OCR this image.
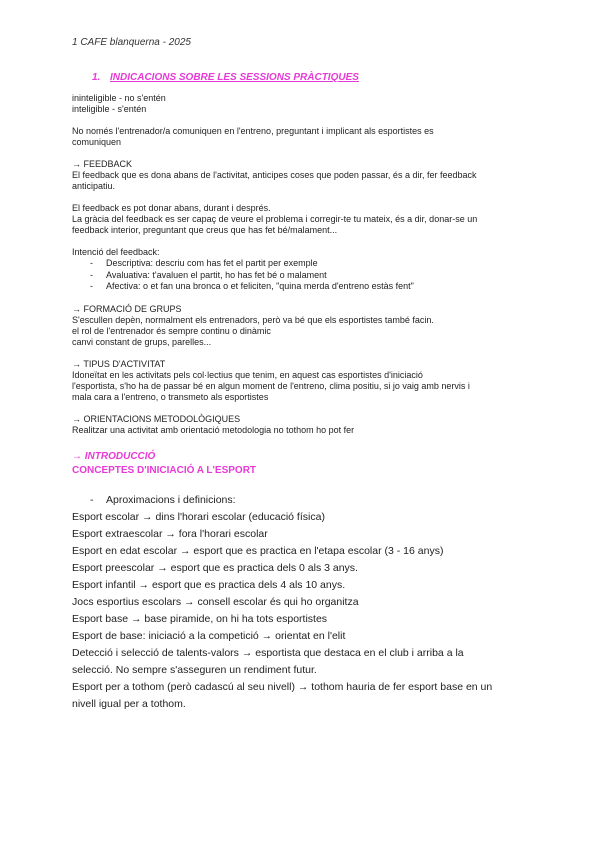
1 CAFE blanquerna - 2025
1. INDICACIONS SOBRE LES SESSIONS PRÀCTIQUES

ininteligible - no s'entén

inteligible - s'entén

No només l'entrenador/a comuniquen en l'entreno, preguntant i implicant als esportistes es

comuniquen

→ FEEDBACK

El feedback que es dona abans de l'activitat, anticipes coses que poden passar, és a dir, fer feedback

anticipatiu.

El feedback es pot donar abans, durant i després.

La gràcia del feedback es ser capaç de veure el problema i corregir-te tu mateix, és a dir, donar-se un

feedback interior, preguntant que creus que has fet bé/malament...

Intenció del feedback:

- Descriptiva: descriu com has fet el partit per exemple
- Avaluativa: t'avaluen el partit, ho has fet bé o malament
- Afectiva: o et fan una bronca o et feliciten, "quina merda d'entreno estàs fent"

→ FORMACIÓ DE GRUPS

S'escullen depèn, normalment els entrenadors, però va bé que els esportistes també facin.

el rol de l'entrenador és sempre continu o dinàmic

canvi constant de grups, parelles...

→ TIPUS D'ACTIVITAT

Idoneïtat en les activitats pels col·lectius que tenim, en aquest cas esportistes d'iniciació

l'esportista, s'ho ha de passar bé en algun moment de l'entreno, clima positiu, si jo vaig amb nervis i

mala cara a l'entreno, o transmeto als esportistes

→ ORIENTACIONS METODOLÒGIQUES

Realitzar una activitat amb orientació metodologia no tothom ho pot fer

→ INTRODUCCIÓ
CONCEPTES D'INICIACIÓ A L'ESPORT

- Aproximacions i definicions:

Esport escolar → dins l'horari escolar (educació física)

Esport extraescolar → fora l'horari escolar

Esport en edat escolar → esport que es practica en l'etapa escolar (3 - 16 anys)

Esport preescolar → esport que es practica dels 0 als 3 anys.

Esport infantil → esport que es practica dels 4 als 10 anys.

Jocs esportius escolars → consell escolar és qui ho organitza

Esport base → base piramide, on hi ha tots esportistes

Esport de base: iniciació a la competició → orientat en l'elit

Detecció i selecció de talents-valors → esportista que destaca en el club i arriba a la

selecció. No sempre s'asseguren un rendiment futur.

Esport per a tothom (però cadascú al seu nivell) → tothom hauria de fer esport base en un

nivell igual per a tothom.
